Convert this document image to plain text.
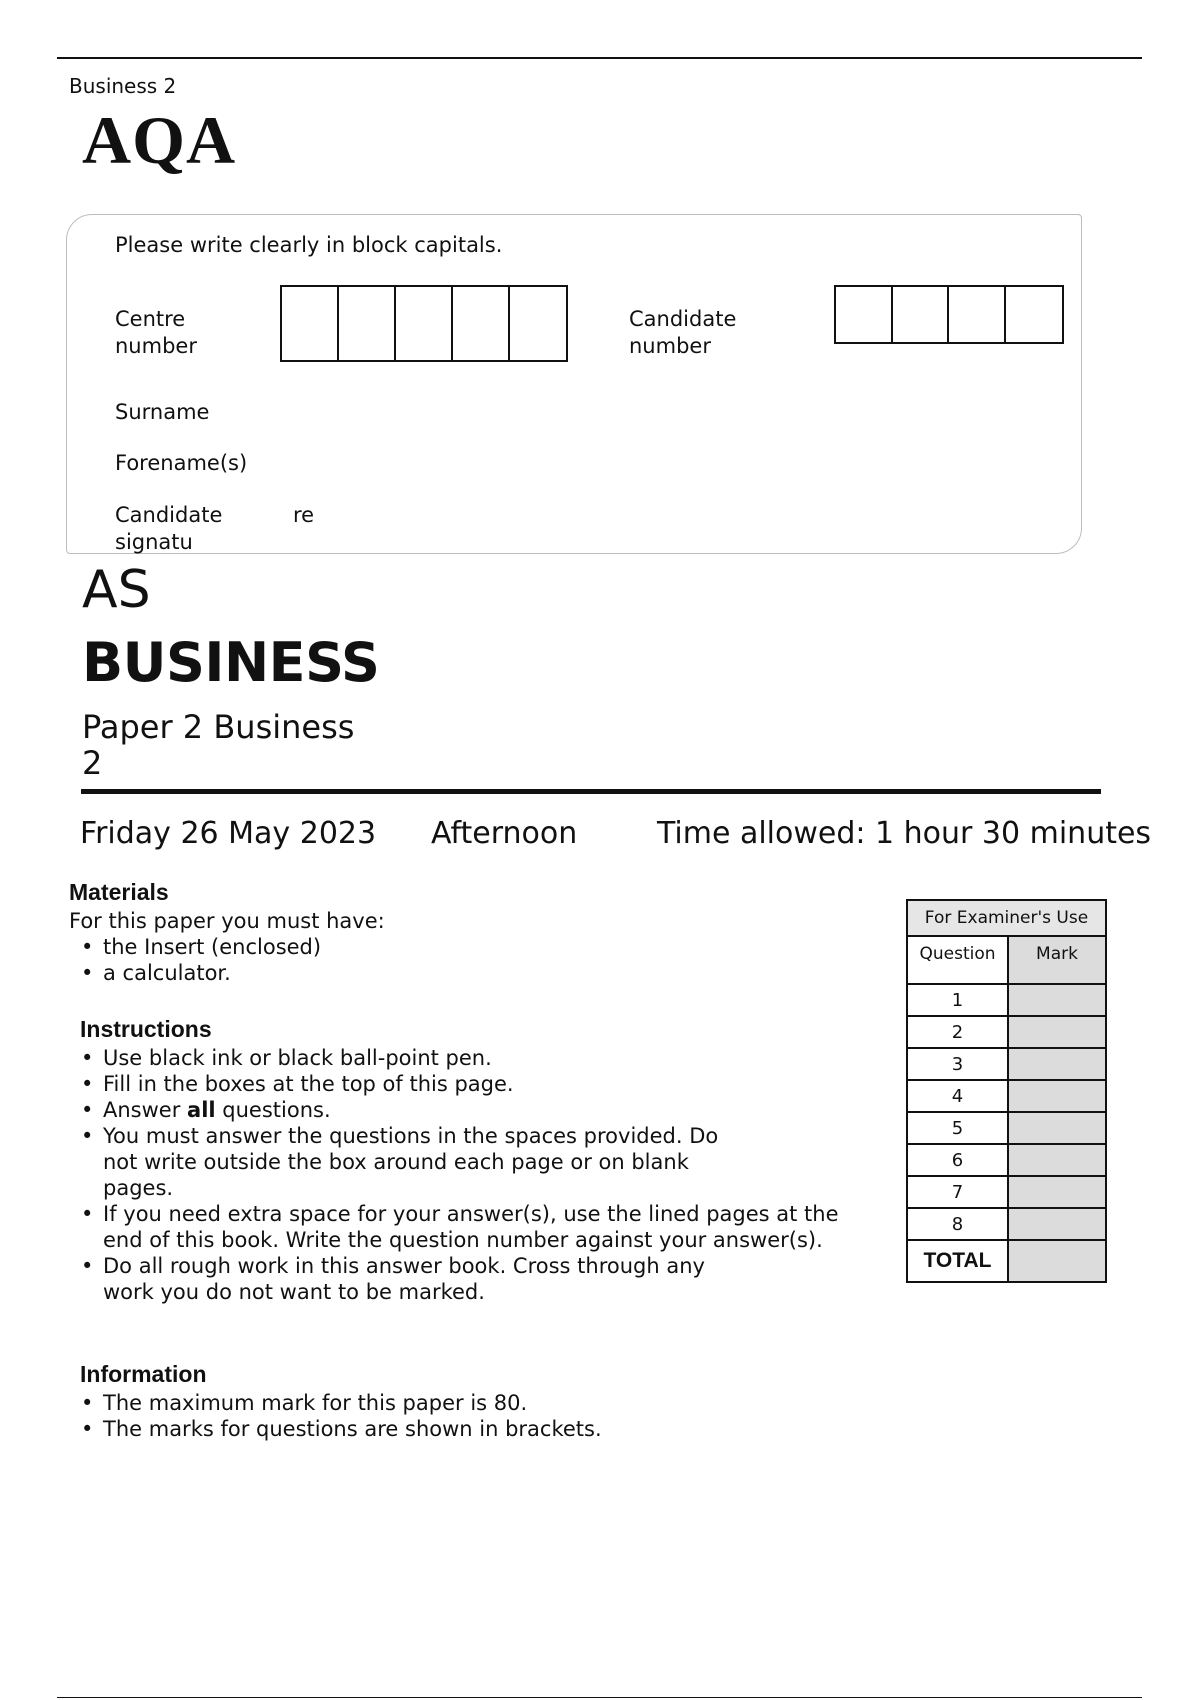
Business 2
AQA
Please write clearly in block capitals.
Centre number
Candidate number
Surname
Forename(s)
Candidate
signatu
re
AS
BUSINESS
Paper 2 Business
2
Friday 26 May 2023 Afternoon	Time allowed: 1 hour 30 minutes
Materials
For this paper you must have:
• the Insert (enclosed)
• a calculator.
Instructions
• Use black ink or black ball-point pen.
• Fill in the boxes at the top of this page.
• Answer all questions.
• You must answer the questions in the spaces provided. Do not write outside the box around each page or on blank pages.
• If you need extra space for your answer(s), use the lined pages at the end of this book. Write the question number against your answer(s).
• Do all rough work in this answer book. Cross through any work you do not want to be marked.
Information
• The maximum mark for this paper is 80.
• The marks for questions are shown in brackets.
For Examiner's Use	
Question	Mark
1	
2	
3	
4	
5	
6	
7	
8	
TOTAL	
